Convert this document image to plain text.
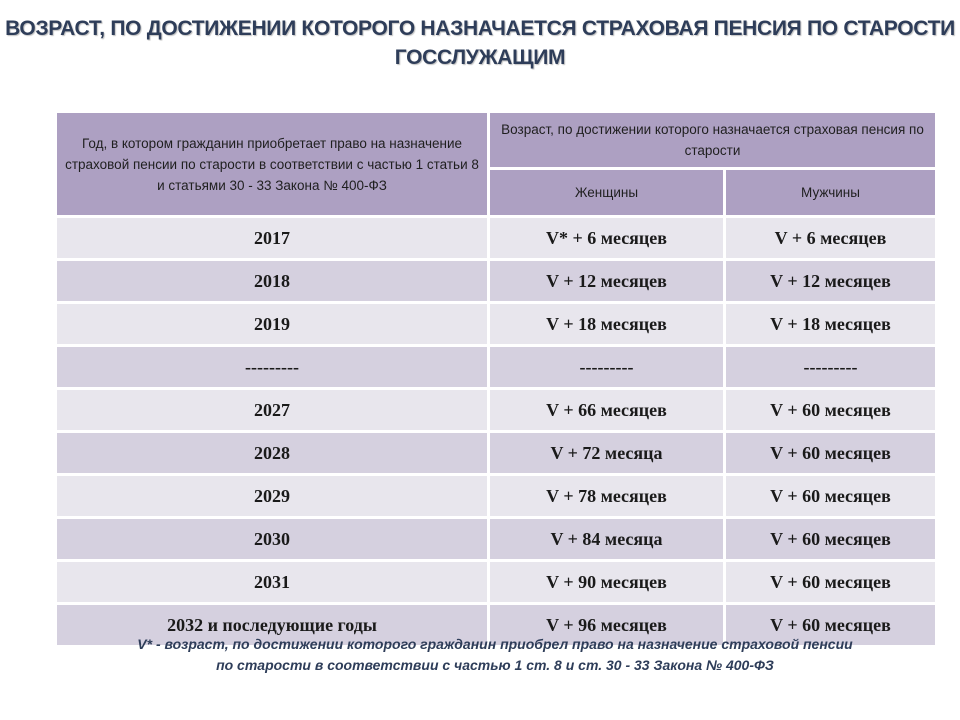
ВОЗРАСТ, ПО ДОСТИЖЕНИИ КОТОРОГО НАЗНАЧАЕТСЯ СТРАХОВАЯ ПЕНСИЯ ПО СТАРОСТИ
ГОССЛУЖАЩИМ
Год, в котором гражданин приобретает право на назначение страховой пенсии по старости в соответствии с частью 1 статьи 8 и статьями 30 - 33 Закона № 400-ФЗ	Возраст, по достижении которого назначается страховая пенсия по старости	
	Женщины	Мужчины
2017	V* + 6 месяцев	V + 6 месяцев
2018	V + 12 месяцев	V + 12 месяцев
2019	V + 18 месяцев	V + 18 месяцев
---------	---------	---------
2027	V + 66 месяцев	V + 60 месяцев
2028	V + 72 месяца	V + 60 месяцев
2029	V + 78 месяцев	V + 60 месяцев
2030	V + 84 месяца	V + 60 месяцев
2031	V + 90 месяцев	V + 60 месяцев
2032 и последующие годы	V + 96 месяцев	V + 60 месяцев
V* - возраст, по достижении которого гражданин приобрел право на назначение страховой пенсии
по старости в соответствии с частью 1 ст. 8 и ст. 30 - 33 Закона № 400-ФЗ
